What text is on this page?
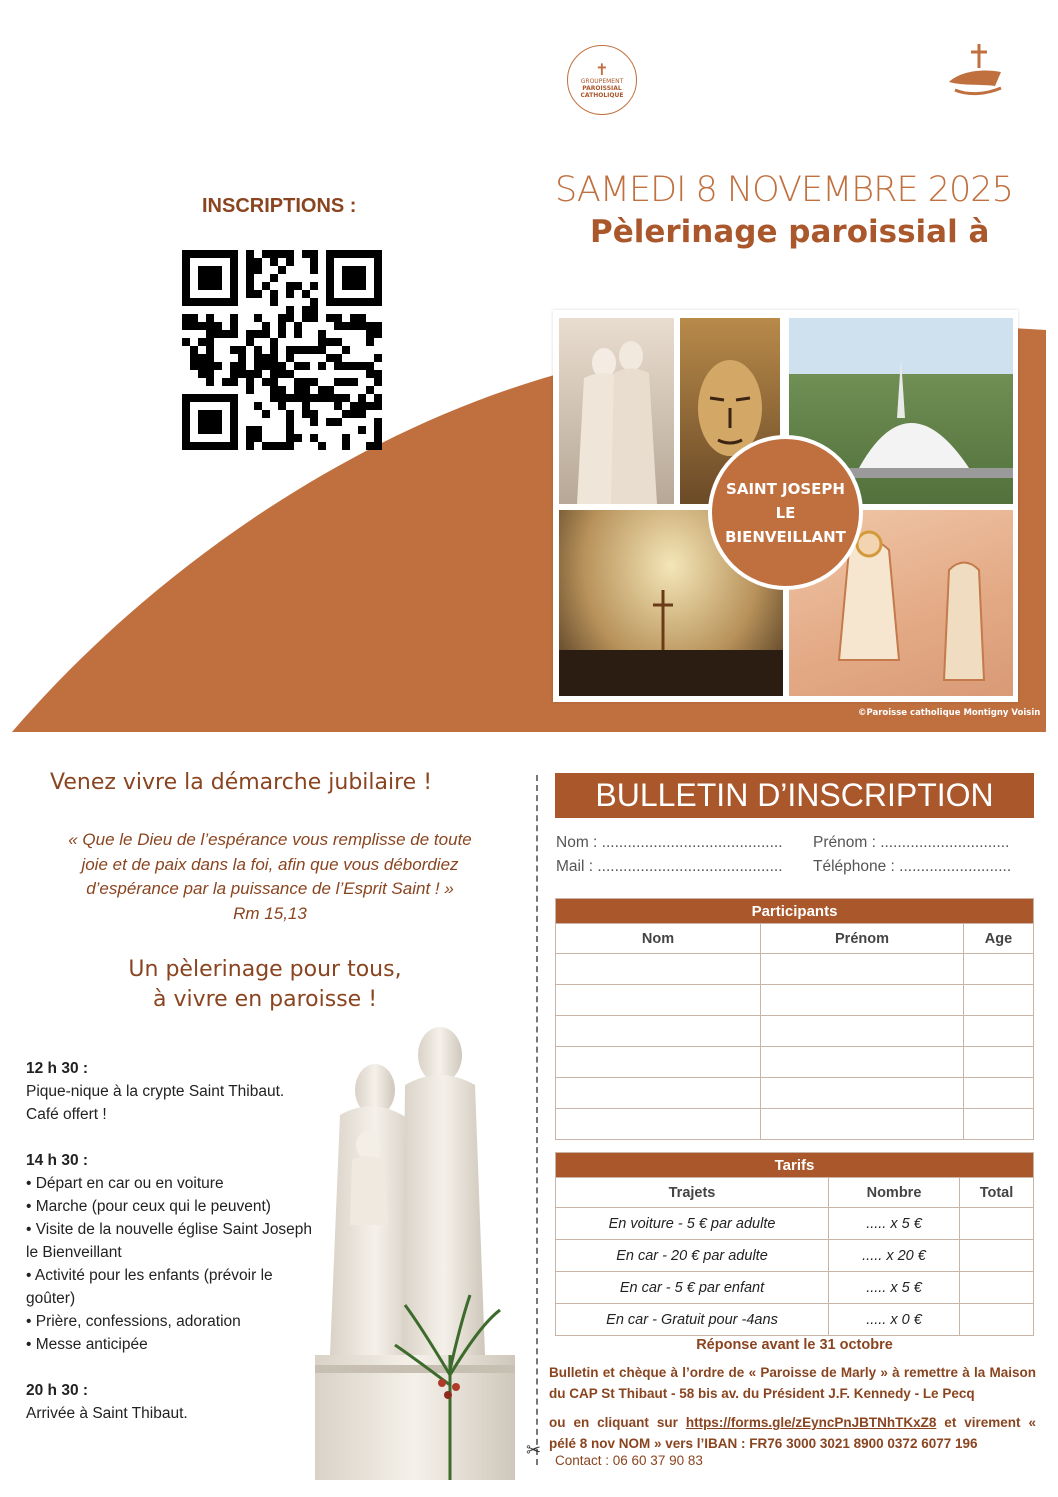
✝
GROUPEMENT
PAROISSIAL
CATHOLIQUE
INSCRIPTIONS :	SAMEDI 8 NOVEMBRE 2025
Pèlerinage paroissial à
SAINT JOSEPH
LE
BIENVEILLANT
©Paroisse catholique Montigny Voisin
Venez vivre la démarche jubilaire !
« Que le Dieu de l’espérance vous remplisse de toute
joie et de paix dans la foi, afin que vous débordiez
d’espérance par la puissance de l’Esprit Saint ! »
Rm 15,13
Un pèlerinage pour tous,
à vivre en paroisse !
12 h 30 :
Pique-nique à la crypte Saint Thibaut.
Café offert !
14 h 30 :
• Départ en car ou en voiture
• Marche (pour ceux qui le peuvent)
• Visite de la nouvelle église Saint Joseph le Bienveillant
• Activité pour les enfants (prévoir le goûter)
• Prière, confessions, adoration
• Messe anticipée
20 h 30 :
Arrivée à Saint Thibaut.
✂
BULLETIN D’INSCRIPTION
Nom : .......................................... Prénom : ..............................
Mail : ........................................... Téléphone : ..........................
Participants		
Nom	Prénom	Age

Tarifs		
Trajets	Nombre	Total
En voiture - 5 € par adulte	..... x 5 €	
En car - 20 € par adulte	..... x 20 €	
En car - 5 € par enfant	..... x 5 €	
En car - Gratuit pour -4ans	..... x 0 €	
Réponse avant le 31 octobre
Bulletin et chèque à l’ordre de « Paroisse de Marly » à remettre à la Maison du CAP St Thibaut - 58 bis av. du Président J.F. Kennedy - Le Pecq
ou en cliquant sur https://forms.gle/zEyncPnJBTNhTKxZ8 et virement « pélé 8 nov NOM » vers l’IBAN : FR76 3000 3021 8900 0372 6077 196
Contact : 06 60 37 90 83
